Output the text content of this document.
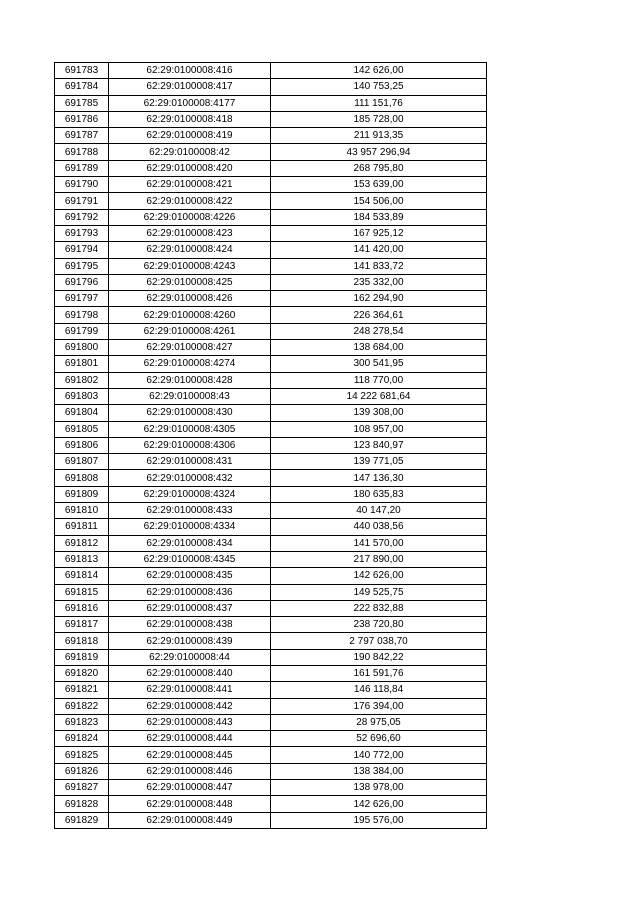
691783	62:29:0100008:416	142 626,00
691784	62:29:0100008:417	140 753,25
691785	62:29:0100008:4177	111 151,76
691786	62:29:0100008:418	185 728,00
691787	62:29:0100008:419	211 913,35
691788	62:29:0100008:42	43 957 296,94
691789	62:29:0100008:420	268 795,80
691790	62:29:0100008:421	153 639,00
691791	62:29:0100008:422	154 506,00
691792	62:29:0100008:4226	184 533,89
691793	62:29:0100008:423	167 925,12
691794	62:29:0100008:424	141 420,00
691795	62:29:0100008:4243	141 833,72
691796	62:29:0100008:425	235 332,00
691797	62:29:0100008:426	162 294,90
691798	62:29:0100008:4260	226 364,61
691799	62:29:0100008:4261	248 278,54
691800	62:29:0100008:427	138 684,00
691801	62:29:0100008:4274	300 541,95
691802	62:29:0100008:428	118 770,00
691803	62:29:0100008:43	14 222 681,64
691804	62:29:0100008:430	139 308,00
691805	62:29:0100008:4305	108 957,00
691806	62:29:0100008:4306	123 840,97
691807	62:29:0100008:431	139 771,05
691808	62:29:0100008:432	147 136,30
691809	62:29:0100008:4324	180 635,83
691810	62:29:0100008:433	40 147,20
691811	62:29:0100008:4334	440 038,56
691812	62:29:0100008:434	141 570,00
691813	62:29:0100008:4345	217 890,00
691814	62:29:0100008:435	142 626,00
691815	62:29:0100008:436	149 525,75
691816	62:29:0100008:437	222 832,88
691817	62:29:0100008:438	238 720,80
691818	62:29:0100008:439	2 797 038,70
691819	62:29:0100008:44	190 842,22
691820	62:29:0100008:440	161 591,76
691821	62:29:0100008:441	146 118,84
691822	62:29:0100008:442	176 394,00
691823	62:29:0100008:443	28 975,05
691824	62:29:0100008:444	52 696,60
691825	62:29:0100008:445	140 772,00
691826	62:29:0100008:446	138 384,00
691827	62:29:0100008:447	138 978,00
691828	62:29:0100008:448	142 626,00
691829	62:29:0100008:449	195 576,00
